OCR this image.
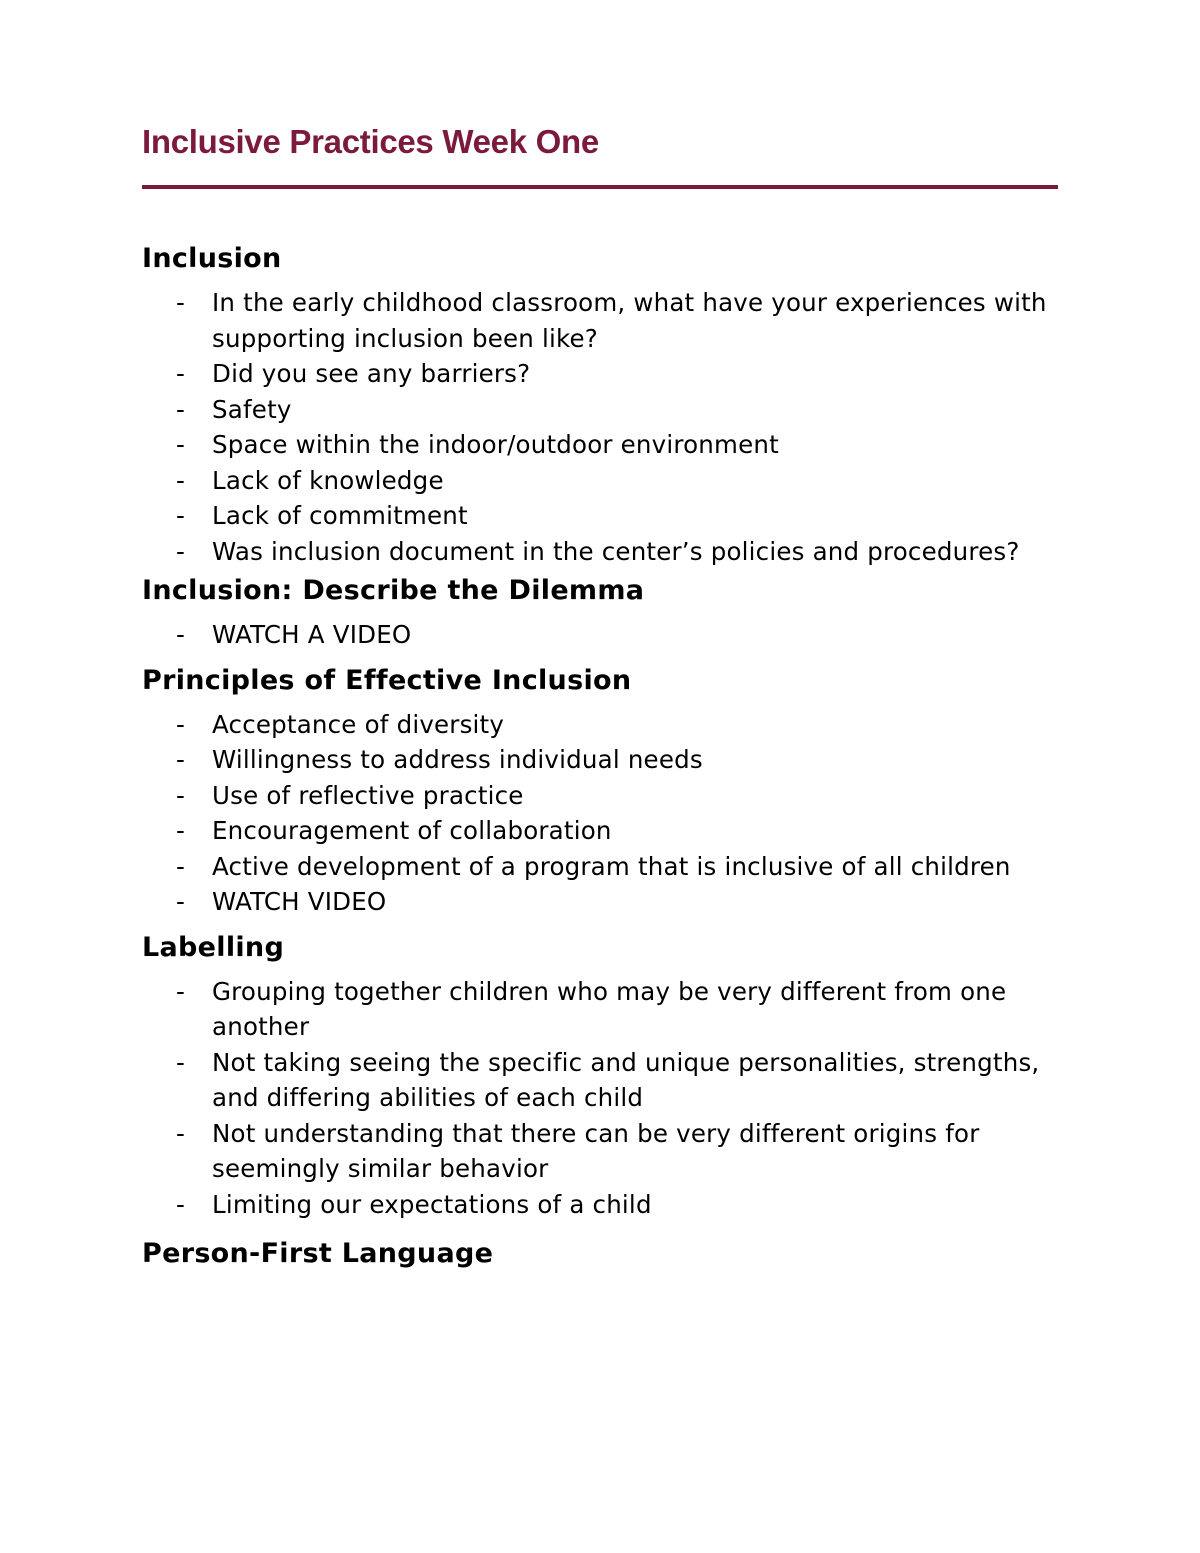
Inclusive Practices Week One
Inclusion
- In the early childhood classroom, what have your experiences with supporting inclusion been like?
- Did you see any barriers?
- Safety
- Space within the indoor/outdoor environment
- Lack of knowledge
- Lack of commitment
- Was inclusion document in the center’s policies and procedures?
Inclusion: Describe the Dilemma
- WATCH A VIDEO
Principles of Effective Inclusion
- Acceptance of diversity
- Willingness to address individual needs
- Use of reflective practice
- Encouragement of collaboration
- Active development of a program that is inclusive of all children
- WATCH VIDEO
Labelling
- Grouping together children who may be very different from one another
- Not taking seeing the specific and unique personalities, strengths, and differing abilities of each child
- Not understanding that there can be very different origins for seemingly similar behavior
- Limiting our expectations of a child
Person-First Language
